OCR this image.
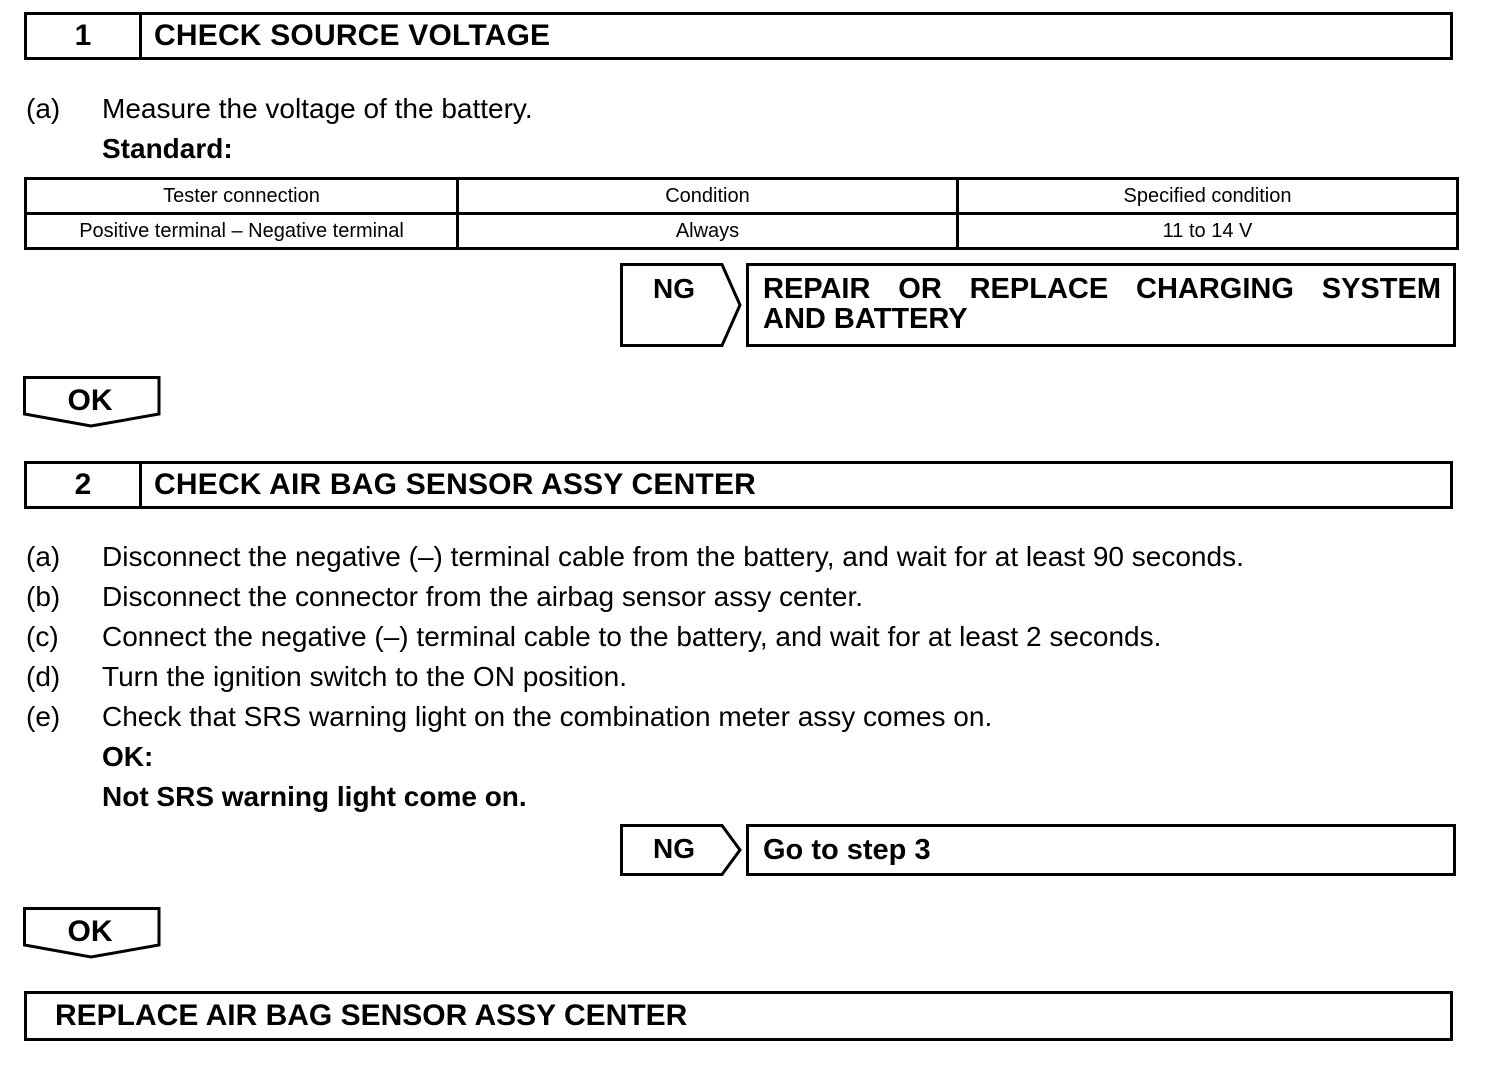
1	CHECK SOURCE VOLTAGE
(a) Measure the voltage of the battery.
Standard:
Tester connection	Condition	Specified condition
Positive terminal – Negative terminal	Always	11 to 14 V
NG	REPAIR OR REPLACE CHARGING SYSTEM
AND BATTERY
OK
2	CHECK AIR BAG SENSOR ASSY CENTER
(a) Disconnect the negative (–) terminal cable from the battery, and wait for at least 90 seconds.
(b) Disconnect the connector from the airbag sensor assy center.
(c) Connect the negative (–) terminal cable to the battery, and wait for at least 2 seconds.
(d) Turn the ignition switch to the ON position.
(e) Check that SRS warning light on the combination meter assy comes on.
OK:
Not SRS warning light come on.
NG	Go to step 3
OK
REPLACE AIR BAG SENSOR ASSY CENTER
